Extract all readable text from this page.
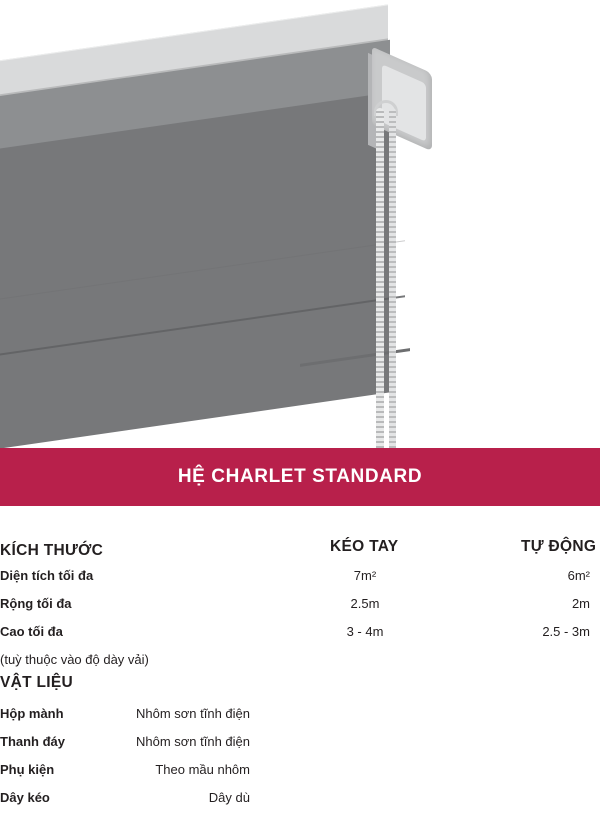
HỆ CHARLET STANDARD
KÍCH THƯỚC	KÉO TAY	TỰ ĐỘNG
Diện tích tối đa	7m²	6m²
Rộng tối đa	2.5m	2m
Cao tối đa	3 - 4m	2.5 - 3m
(tuỳ thuộc vào độ dày vải)
VẬT LIỆU
Hộp mành	Nhôm sơn tĩnh điện
Thanh đáy	Nhôm sơn tĩnh điện
Phụ kiện	Theo mầu nhôm
Dây kéo	Dây dù
